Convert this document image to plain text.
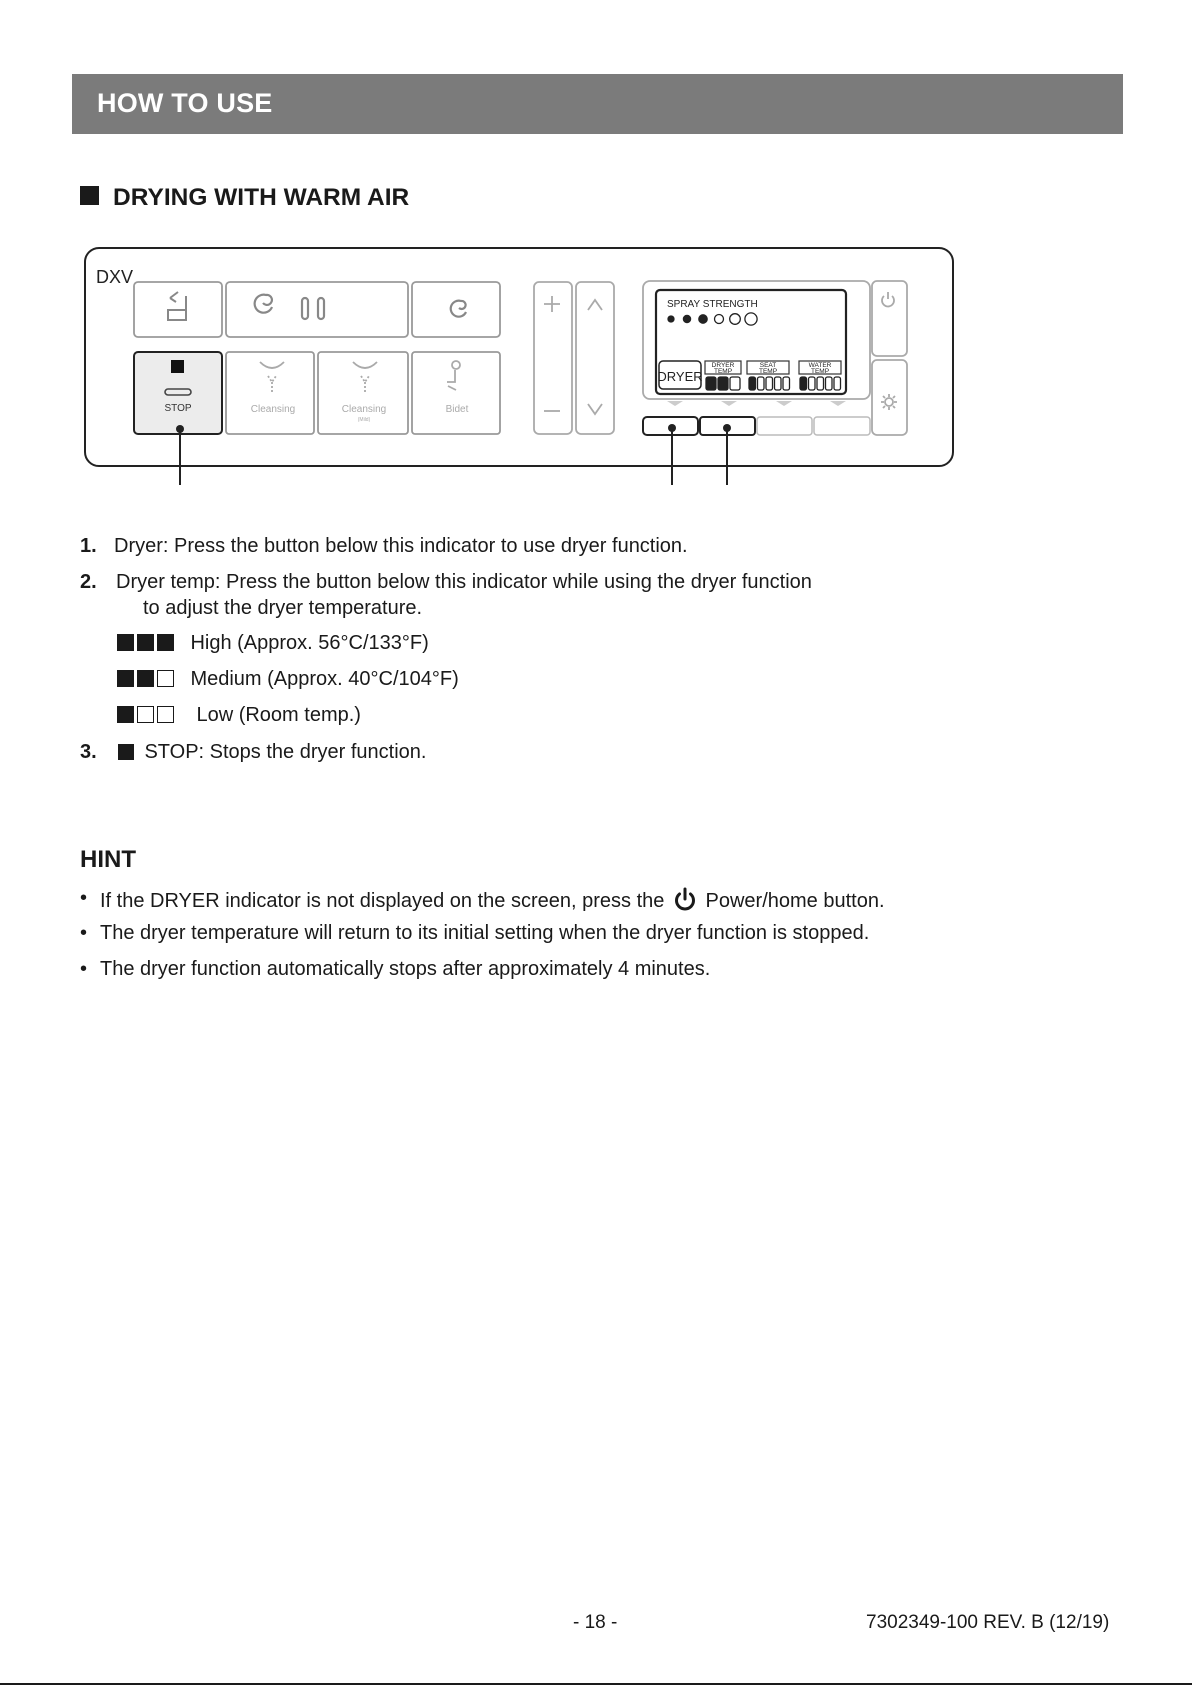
HOW TO USE
DRYING WITH WARM AIR
DXV
STOP	Cleansing	Cleansing
(Mild)
Bidet
SPRAY STRENGTH
DRYER
DRYER
TEMP
SEAT
TEMP
WATER
TEMP
1. Dryer: Press the button below this indicator to use dryer function.
2. Dryer temp: Press the button below this indicator while using the dryer function
to adjust the dryer temperature.
High (Approx. 56°C/133°F)
Medium (Approx. 40°C/104°F)
Low (Room temp.)
3.	STOP: Stops the dryer function.
HINT
• If the DRYER indicator is not displayed on the screen, press the Power/home button.
• The dryer temperature will return to its initial setting when the dryer function is stopped.
• The dryer function automatically stops after approximately 4 minutes.
- 18 -	7302349-100 REV. B (12/19)
